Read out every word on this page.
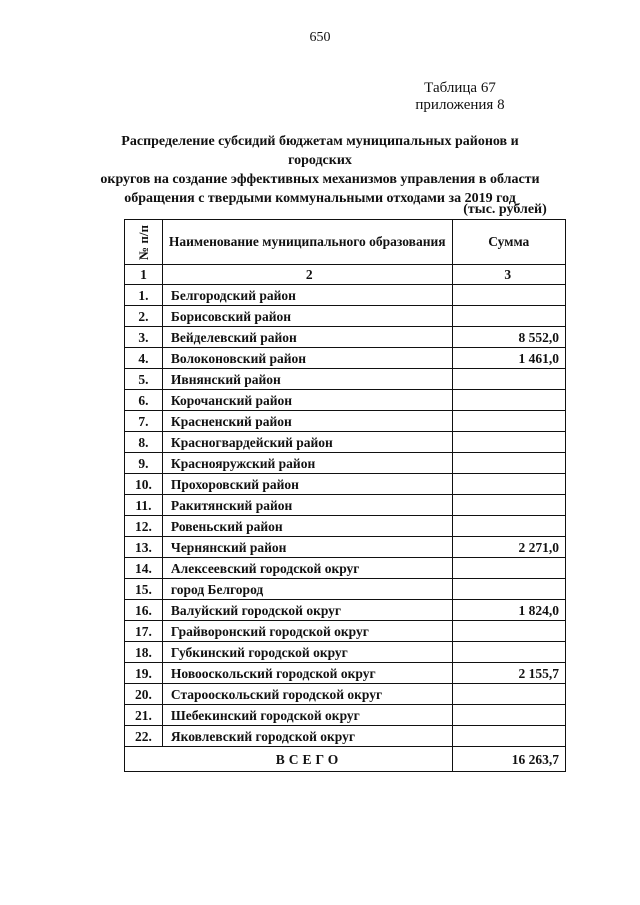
650
Таблица 67
приложения 8
Распределение субсидий бюджетам муниципальных районов и городских
округов на создание эффективных механизмов управления в области
обращения с твердыми коммунальными отходами за 2019 год
(тыс. рублей)
№ п/п	Наименование муниципального образования	Сумма
1	2	3
1.	Белгородский район	
2.	Борисовский район	
3.	Вейделевский район	8 552,0
4.	Волоконовский район	1 461,0
5.	Ивнянский район	
6.	Корочанский район	
7.	Красненский район	
8.	Красногвардейский район	
9.	Краснояружский район	
10.	Прохоровский район	
11.	Ракитянский район	
12.	Ровеньский район	
13.	Чернянский район	2 271,0
14.	Алексеевский городской округ	
15.	город Белгород	
16.	Валуйский городской округ	1 824,0
17.	Грайворонский городской округ	
18.	Губкинский городской округ	
19.	Новооскольский городской округ	2 155,7
20.	Старооскольский городской округ	
21.	Шебекинский городской округ	
22.	Яковлевский городской округ	
	ВСЕГО	16 263,7
